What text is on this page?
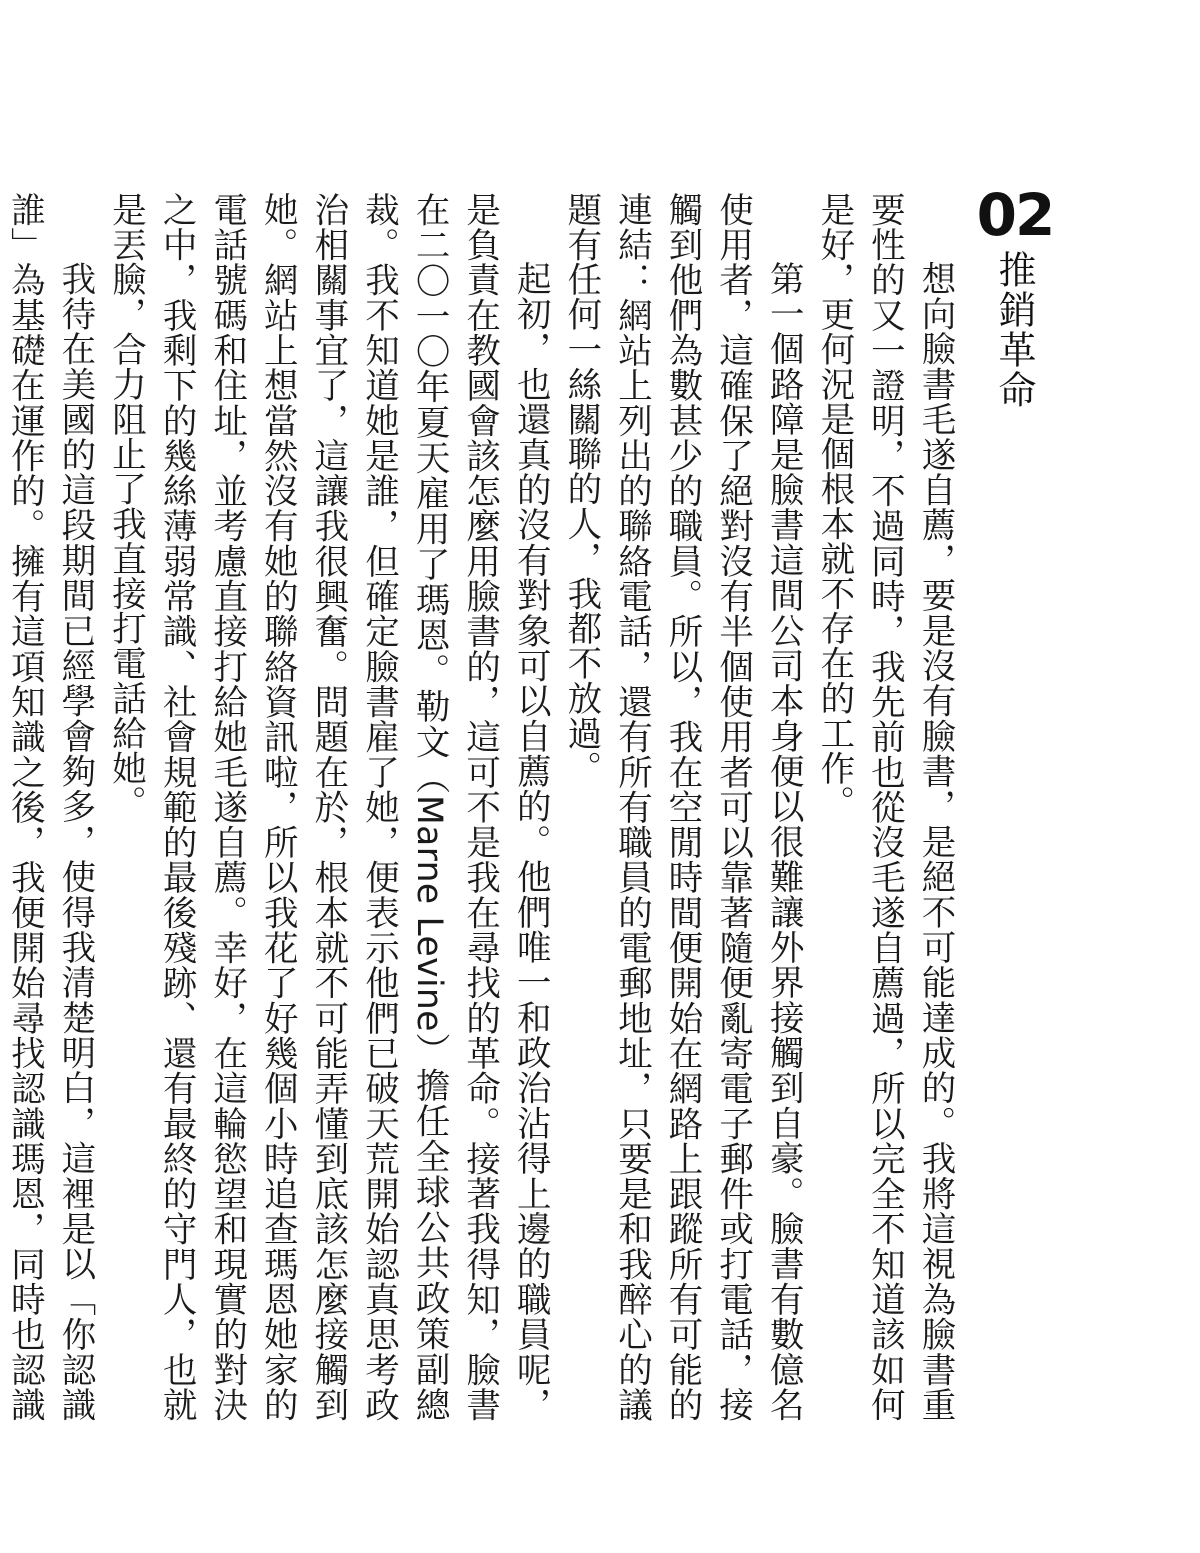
02
推銷革命

想向臉書毛遂自薦，要是沒有臉書，是絕不可能達成的。我將這視為臉書重要性的又一證明，不過同時，我先前也從沒毛遂自薦過，所以完全不知道該如何是好，更何況是個根本就不存在的工作。

第一個路障是臉書這間公司本身便以很難讓外界接觸到自豪。臉書有數億名使用者，這確保了絕對沒有半個使用者可以靠著隨便亂寄電子郵件或打電話，接觸到他們為數甚少的職員。所以，我在空閒時間便開始在網路上跟蹤所有可能的連結：網站上列出的聯絡電話，還有所有職員的電郵地址，只要是和我醉心的議題有任何一絲關聯的人，我都不放過。

起初，也還真的沒有對象可以自薦的。他們唯一和政治沾得上邊的職員呢，是負責在教國會該怎麼用臉書的，這可不是我在尋找的革命。接著我得知，臉書在二〇一〇年夏天雇用了瑪恩。勒文（Marne Levine）擔任全球公共政策副總裁。我不知道她是誰，但確定臉書雇了她，便表示他們已破天荒開始認真思考政治相關事宜了，這讓我很興奮。問題在於，根本就不可能弄懂到底該怎麼接觸到她。網站上想當然沒有她的聯絡資訊啦，所以我花了好幾個小時追查瑪恩她家的電話號碼和住址，並考慮直接打給她毛遂自薦。幸好，在這輪慾望和現實的對決之中，我剩下的幾絲薄弱常識、社會規範的最後殘跡、還有最終的守門人，也就是丟臉，合力阻止了我直接打電話給她。

我待在美國的這段期間已經學會夠多，使得我清楚明白，這裡是以「你認識誰」為基礎在運作的。擁有這項知識之後，我便開始尋找認識瑪恩，同時也認識
